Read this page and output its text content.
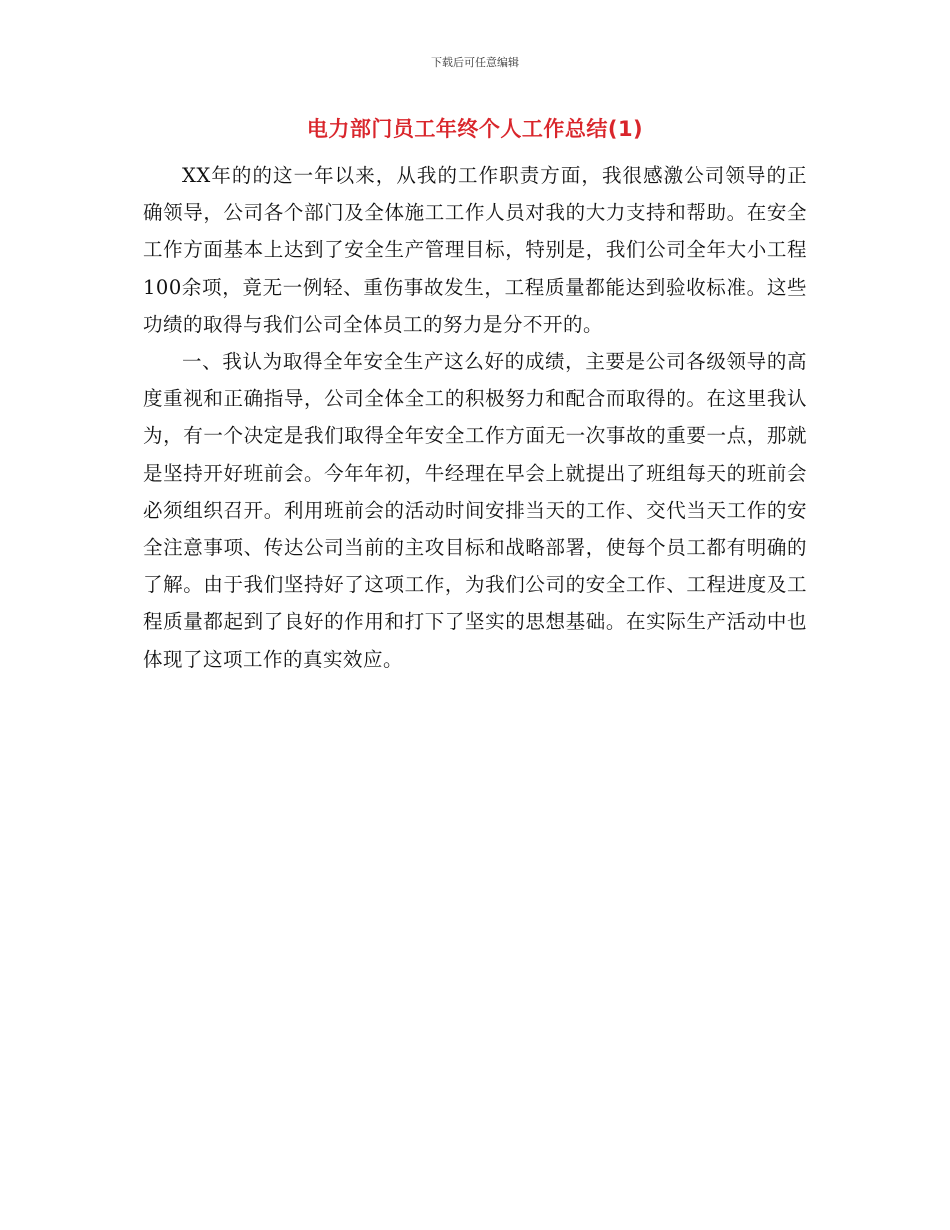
下载后可任意编辑
电力部门员工年终个人工作总结(1)

XX年的的这一年以来，从我的工作职责方面，我很感激公司领导的正确领导，公司各个部门及全体施工工作人员对我的大力支持和帮助。在安全工作方面基本上达到了安全生产管理目标，特别是，我们公司全年大小工程100余项，竟无一例轻、重伤事故发生，工程质量都能达到验收标准。这些功绩的取得与我们公司全体员工的努力是分不开的。

一、我认为取得全年安全生产这么好的成绩，主要是公司各级领导的高度重视和正确指导，公司全体全工的积极努力和配合而取得的。在这里我认为，有一个决定是我们取得全年安全工作方面无一次事故的重要一点，那就是坚持开好班前会。今年年初，牛经理在早会上就提出了班组每天的班前会必须组织召开。利用班前会的活动时间安排当天的工作、交代当天工作的安全注意事项、传达公司当前的主攻目标和战略部署，使每个员工都有明确的了解。由于我们坚持好了这项工作，为我们公司的安全工作、工程进度及工程质量都起到了良好的作用和打下了坚实的思想基础。在实际生产活动中也体现了这项工作的真实效应。
